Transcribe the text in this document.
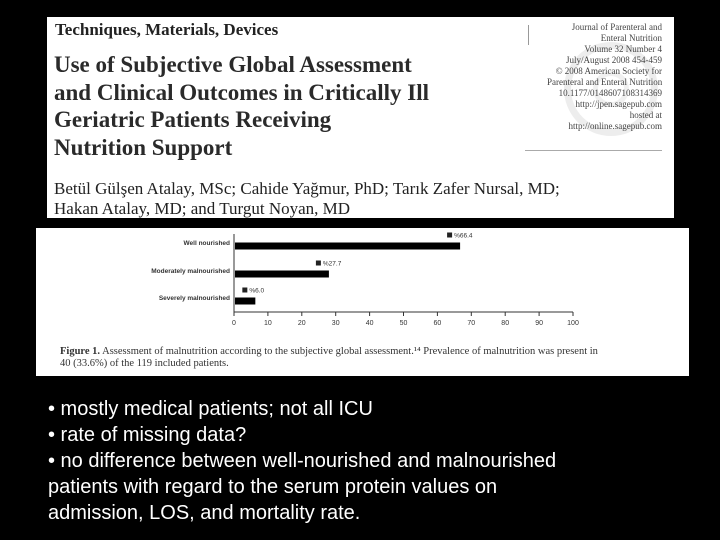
Techniques, Materials, Devices
Use of Subjective Global Assessment
and Clinical Outcomes in Critically Ill
Geriatric Patients Receiving
Nutrition Support
Journal of Parenteral and
Enteral Nutrition
Volume 32 Number 4
July/August 2008 454-459
© 2008 American Society for
Parenteral and Enteral Nutrition
10.1177/0148607108314369
http://jpen.sagepub.com
hosted at
http://online.sagepub.com
Betül Gülşen Atalay, MSc; Cahide Yağmur, PhD; Tarık Zafer Nursal, MD;
Hakan Atalay, MD; and Turgut Noyan, MD
0	10	20	30	40	50	60	70	80	90	100
Well nourished
%66.4
Moderately malnourished
%27.7
Severely malnourished
%6.0
Figure 1. Assessment of malnutrition according to the subjective global assessment.¹⁴ Prevalence of malnutrition was present in
40 (33.6%) of the 119 included patients.
• mostly medical patients; not all ICU
• rate of missing data?
• no difference between well-nourished and malnourished
patients with regard to the serum protein values on
admission, LOS, and mortality rate.
